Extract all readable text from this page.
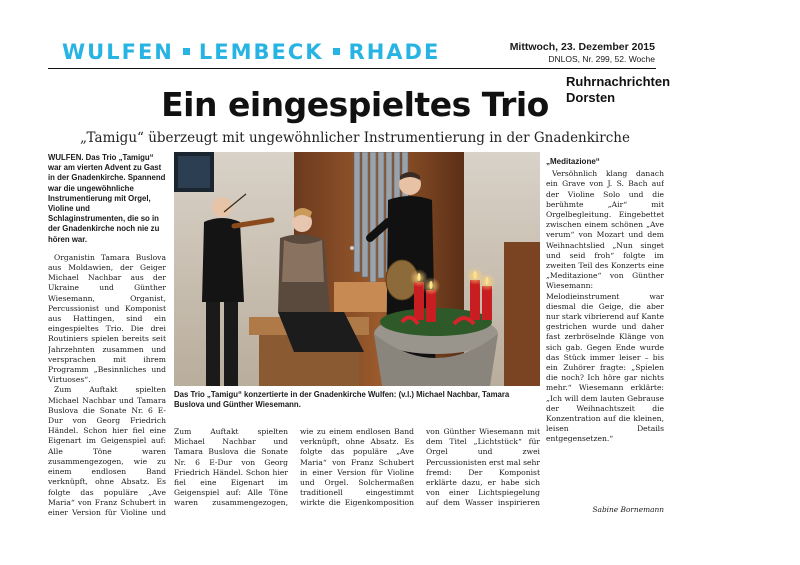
WULFEN LEMBECK RHADE	Mittwoch, 23. Dezember 2015
DNLOS, Nr. 299, 52. Woche
Ruhrnachrichten
Dorsten
Ein eingespieltes Trio
„Tamigu“ überzeugt mit ungewöhnlicher Instrumentierung in der Gnadenkirche
WULFEN. Das Trio „Tamigu“ war am vierten Advent zu Gast in der Gnadenkirche. Spannend war die ungewöhnliche Instrumentierung mit Orgel, Violine und Schlaginstrumenten, die so in der Gnadenkirche noch nie zu hören war.

Organistin Tamara Buslova aus Moldawien, der Geiger Michael Nachbar aus der Ukraine und Günther Wiesemann, Organist, Percussionist und Komponist aus Hattingen, sind ein eingespieltes Trio. Die drei Routiniers spielen bereits seit Jahrzehnten zusammen und versprachen mit ihrem Programm „Besinnliches und Virtuoses“.

Zum Auftakt spielten Michael Nachbar und Tamara Buslova die Sonate Nr. 6 E-Dur von Georg Friedrich Händel. Schon hier fiel eine Eigenart im Geigenspiel auf: Alle Töne waren zusammengezogen, wie zu einem endlosen Band verknüpft, ohne Absatz. Es folgte das populäre „Ave Maria“ von Franz Schubert in einer Version für Violine und

Das Trio „Tamigu“ konzertierte in der Gnadenkirche Wulfen: (v.l.) Michael Nachbar, Tamara Buslova und Günther Wiesemann.

Zum Auftakt spielten Michael Nachbar und Tamara Buslova die Sonate Nr. 6 E-Dur von Georg Friedrich Händel. Schon hier fiel eine Eigenart im Geigenspiel auf: Alle Töne waren zusammengezogen, wie zu einem endlosen Band verknüpft, ohne Absatz. Es folgte das populäre „Ave Maria“ von Franz Schubert in einer Version für Violine und Orgel. Solchermaßen traditionell eingestimmt wirkte die Eigenkomposition von Günther Wiesemann mit dem Titel „Lichtstück“ für Orgel und zwei Percussionisten erst mal sehr fremd: Der Komponist erklärte dazu, er habe sich von einer Lichtspiegelung auf dem Wasser inspirieren

„Meditazione“

Versöhnlich klang danach ein Grave von J. S. Bach auf der Violine Solo und die berühmte „Air“ mit Orgelbegleitung. Eingebettet zwischen einem schönen „Ave verum“ von Mozart und dem Weihnachtslied „Nun singet und seid froh“ folgte im zweiten Teil des Konzerts eine „Meditazione“ von Günther Wiesemann: Melodieinstrument war diesmal die Geige, die aber nur stark vibrierend auf Kante gestrichen wurde und daher fast zerbröselnde Klänge von sich gab. Gegen Ende wurde das Stück immer leiser – bis ein Zuhörer fragte: „Spielen die noch? Ich höre gar nichts mehr.“ Wiesemann erklärte: „Ich will dem lauten Gebrause der Weihnachtszeit die Konzentration auf die kleinen, leisen Details entgegensetzen.“

Sabine Bornemann
